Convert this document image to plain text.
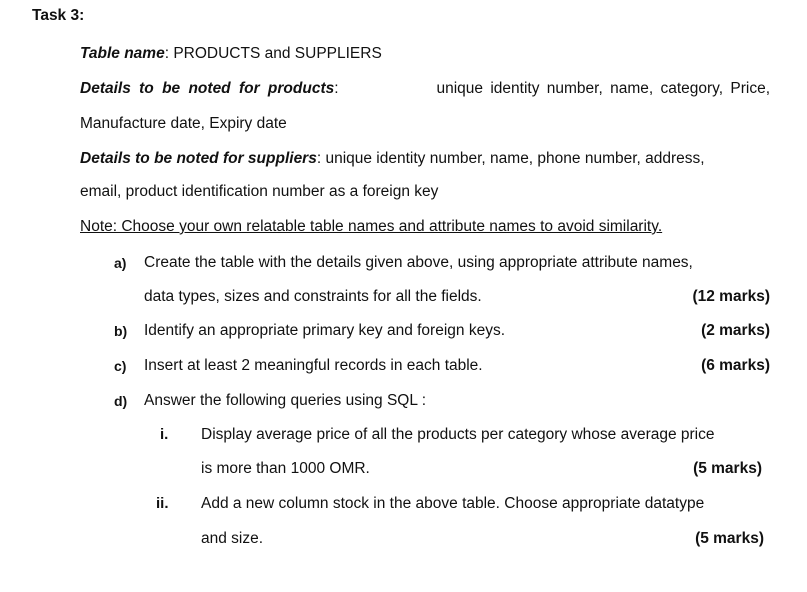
Task 3:
Table name: PRODUCTS and SUPPLIERS
Details to be noted for products:	unique identity number, name, category, Price,
Manufacture date, Expiry date
Details to be noted for suppliers: unique identity number, name, phone number, address,
email, product identification number as a foreign key
Note: Choose your own relatable table names and attribute names to avoid similarity.
a) Create the table with the details given above, using appropriate attribute names,
data types, sizes and constraints for all the fields.	(12 marks)
b) Identify an appropriate primary key and foreign keys.	(2 marks)
c) Insert at least 2 meaningful records in each table.	(6 marks)
d) Answer the following queries using SQL :
i. Display average price of all the products per category whose average price
is more than 1000 OMR.	(5 marks)
ii. Add a new column stock in the above table. Choose appropriate datatype
and size.	(5 marks)
